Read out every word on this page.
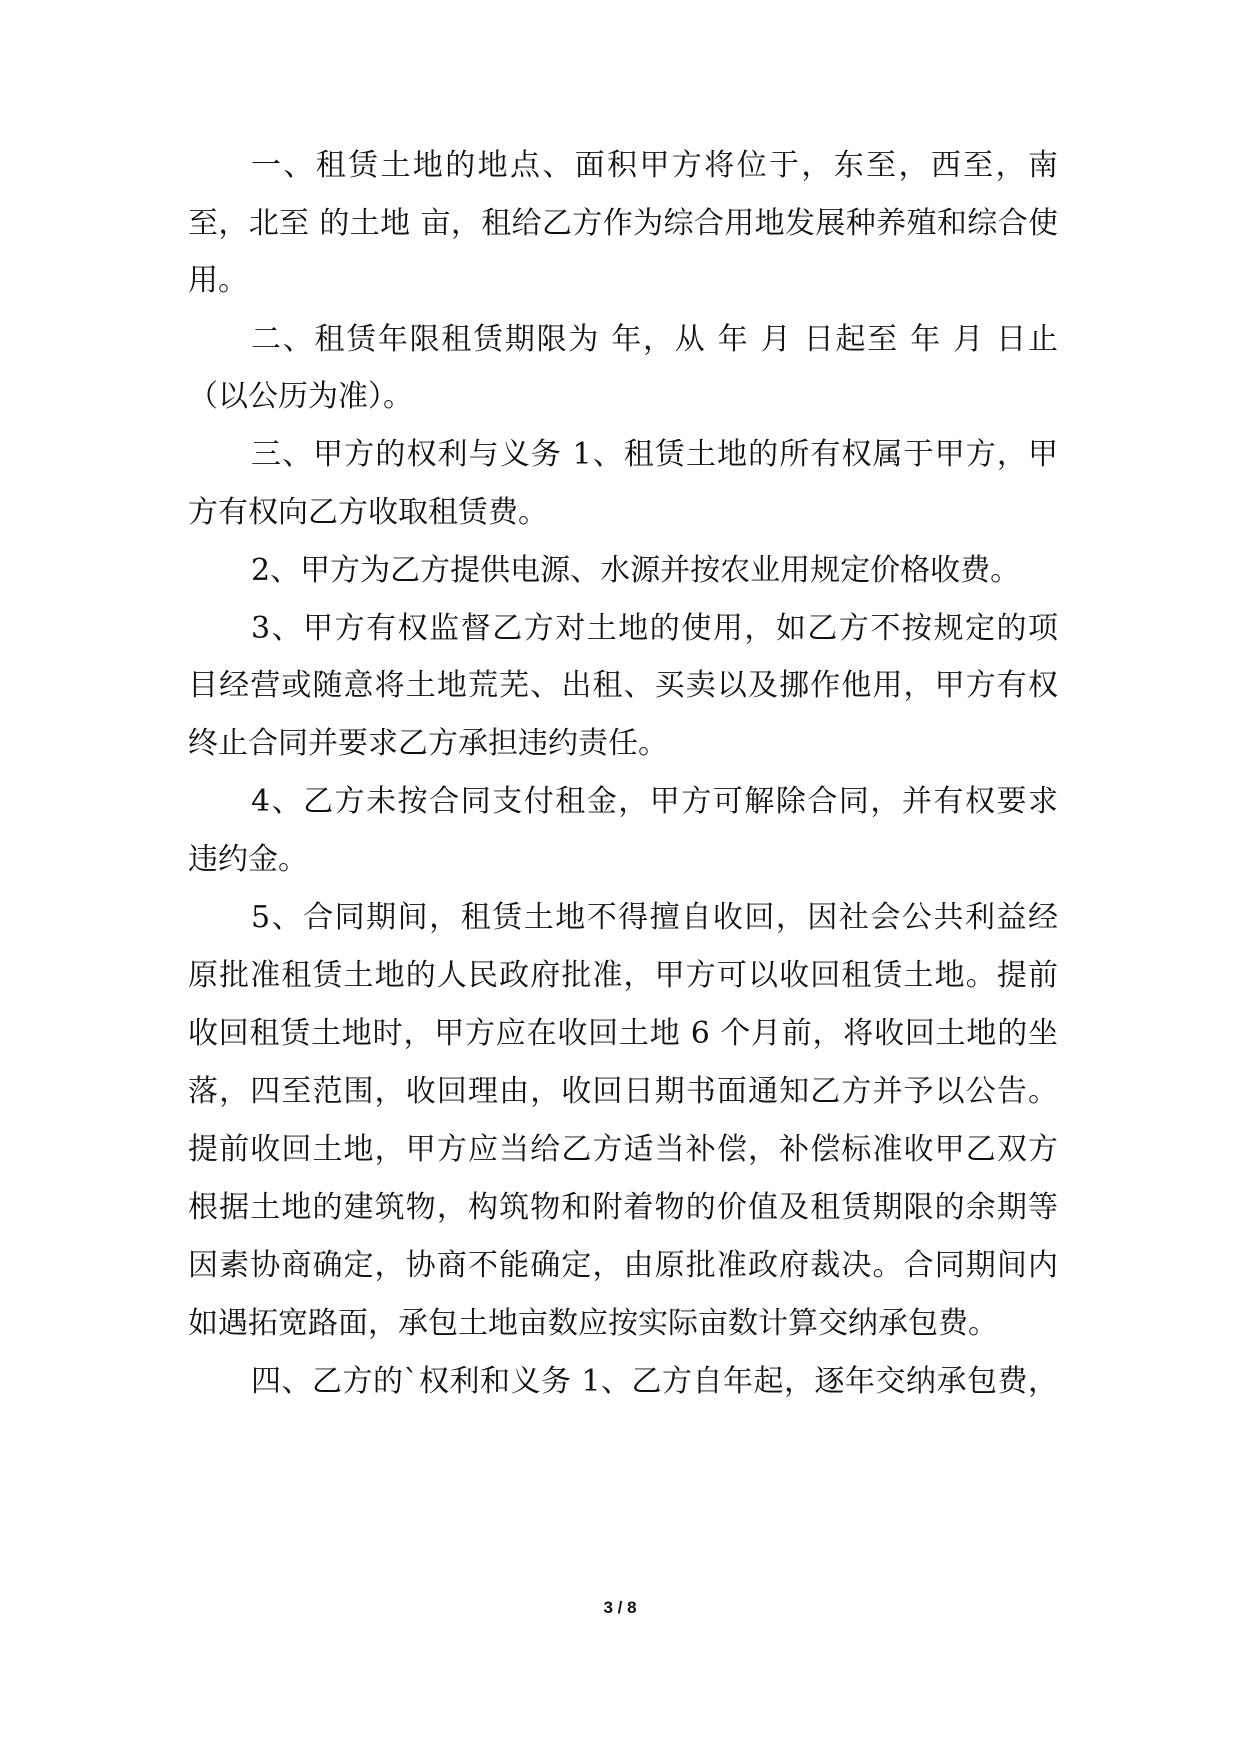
一、租赁土地的地点、面积甲方将位于，东至，西至，南
至，北至 的土地 亩，租给乙方作为综合用地发展种养殖和综合使
用。
二、租赁年限租赁期限为 年，从 年 月 日起至 年 月 日止
（以公历为准）。
三、甲方的权利与义务 1、租赁土地的所有权属于甲方，甲
方有权向乙方收取租赁费。
2、甲方为乙方提供电源、水源并按农业用规定价格收费。
3、甲方有权监督乙方对土地的使用，如乙方不按规定的项
目经营或随意将土地荒芜、出租、买卖以及挪作他用，甲方有权
终止合同并要求乙方承担违约责任。
4、乙方未按合同支付租金，甲方可解除合同，并有权要求
违约金。
5、合同期间，租赁土地不得擅自收回，因社会公共利益经
原批准租赁土地的人民政府批准，甲方可以收回租赁土地。提前
收回租赁土地时，甲方应在收回土地 6 个月前，将收回土地的坐
落，四至范围，收回理由，收回日期书面通知乙方并予以公告。
提前收回土地，甲方应当给乙方适当补偿，补偿标准收甲乙双方
根据土地的建筑物，构筑物和附着物的价值及租赁期限的余期等
因素协商确定，协商不能确定，由原批准政府裁决。合同期间内
如遇拓宽路面，承包土地亩数应按实际亩数计算交纳承包费。
四、乙方的`权利和义务 1、乙方自年起，逐年交纳承包费，
3 / 8
